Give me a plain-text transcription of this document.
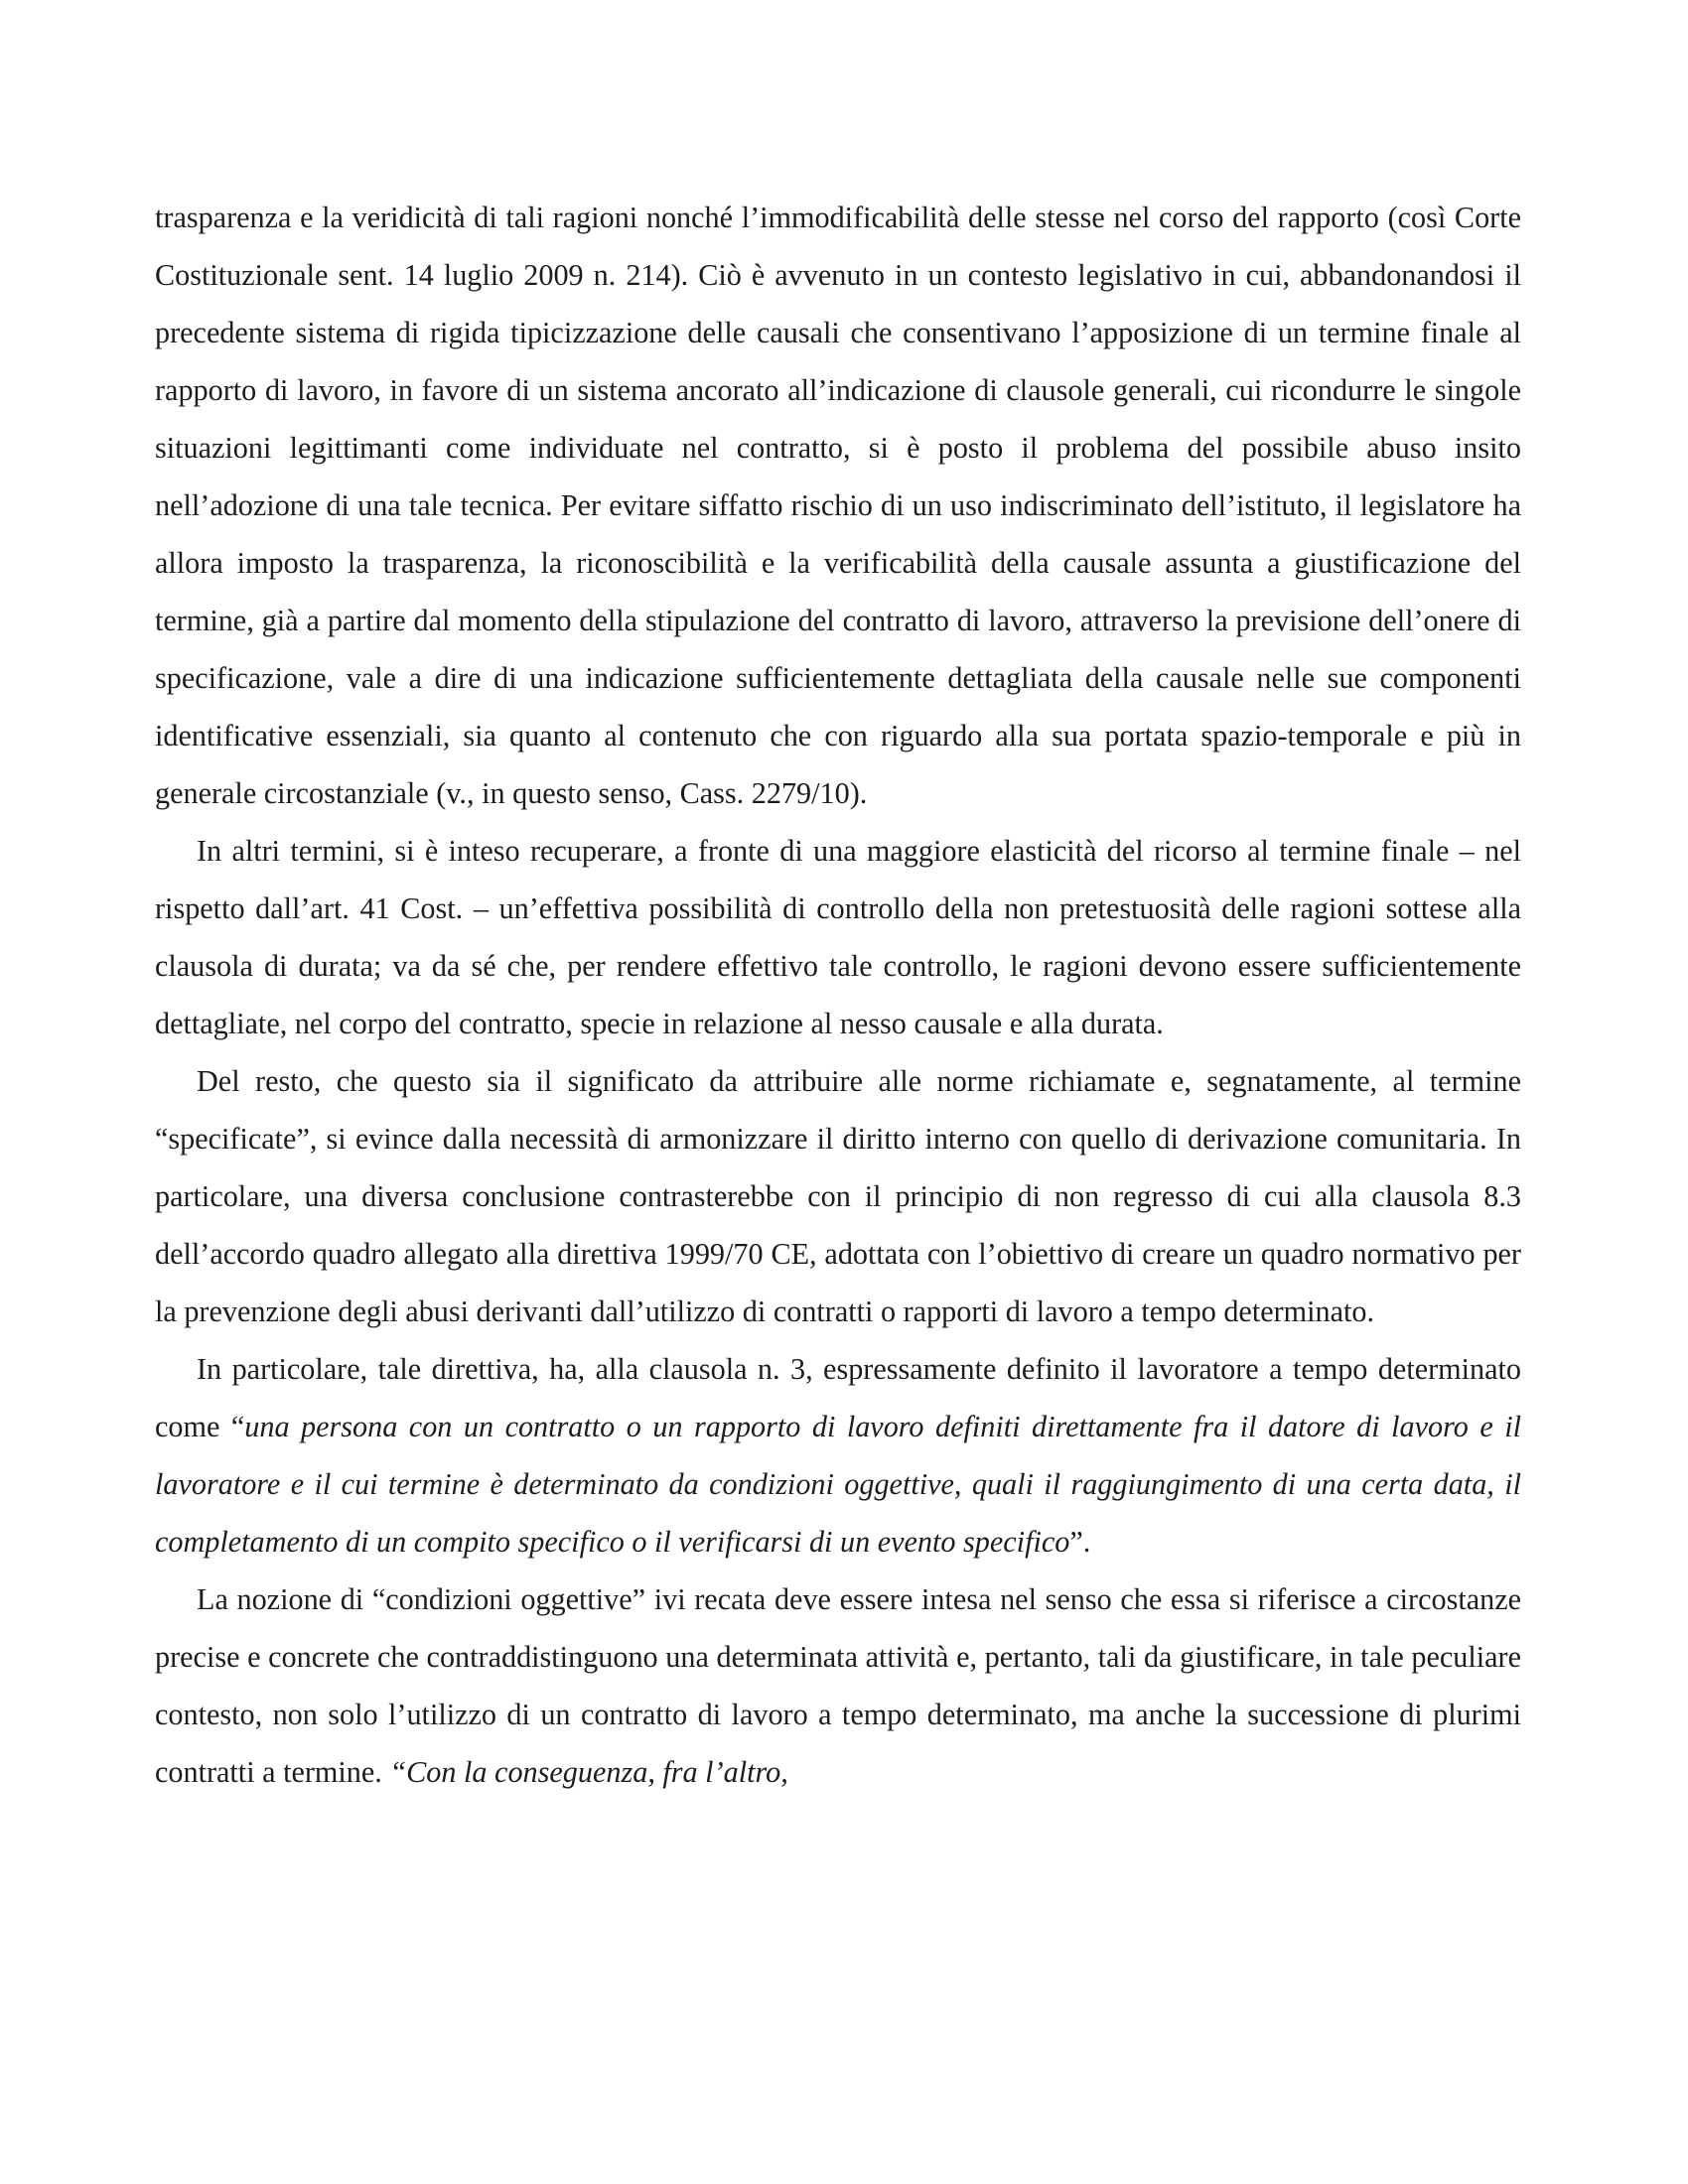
trasparenza e la veridicità di tali ragioni nonché l’immodificabilità delle stesse nel corso del rapporto (così Corte Costituzionale sent. 14 luglio 2009 n. 214). Ciò è avvenuto in un contesto legislativo in cui, abbandonandosi il precedente sistema di rigida tipicizzazione delle causali che consentivano l’apposizione di un termine finale al rapporto di lavoro, in favore di un sistema ancorato all’indicazione di clausole generali, cui ricondurre le singole situazioni legittimanti come individuate nel contratto, si è posto il problema del possibile abuso insito nell’adozione di una tale tecnica. Per evitare siffatto rischio di un uso indiscriminato dell’istituto, il legislatore ha allora imposto la trasparenza, la riconoscibilità e la verificabilità della causale assunta a giustificazione del termine, già a partire dal momento della stipulazione del contratto di lavoro, attraverso la previsione dell’onere di specificazione, vale a dire di una indicazione sufficientemente dettagliata della causale nelle sue componenti identificative essenziali, sia quanto al contenuto che con riguardo alla sua portata spazio-temporale e più in generale circostanziale (v., in questo senso, Cass. 2279/10).

In altri termini, si è inteso recuperare, a fronte di una maggiore elasticità del ricorso al termine finale – nel rispetto dall’art. 41 Cost. – un’effettiva possibilità di controllo della non pretestuosità delle ragioni sottese alla clausola di durata; va da sé che, per rendere effettivo tale controllo, le ragioni devono essere sufficientemente dettagliate, nel corpo del contratto, specie in relazione al nesso causale e alla durata.

Del resto, che questo sia il significato da attribuire alle norme richiamate e, segnatamente, al termine “specificate”, si evince dalla necessità di armonizzare il diritto interno con quello di derivazione comunitaria. In particolare, una diversa conclusione contrasterebbe con il principio di non regresso di cui alla clausola 8.3 dell’accordo quadro allegato alla direttiva 1999/70 CE, adottata con l’obiettivo di creare un quadro normativo per la prevenzione degli abusi derivanti dall’utilizzo di contratti o rapporti di lavoro a tempo determinato.

In particolare, tale direttiva, ha, alla clausola n. 3, espressamente definito il lavoratore a tempo determinato come “una persona con un contratto o un rapporto di lavoro definiti direttamente fra il datore di lavoro e il lavoratore e il cui termine è determinato da condizioni oggettive, quali il raggiungimento di una certa data, il completamento di un compito specifico o il verificarsi di un evento specifico”.

La nozione di “condizioni oggettive” ivi recata deve essere intesa nel senso che essa si riferisce a circostanze precise e concrete che contraddistinguono una determinata attività e, pertanto, tali da giustificare, in tale peculiare contesto, non solo l’utilizzo di un contratto di lavoro a tempo determinato, ma anche la successione di plurimi contratti a termine. “Con la conseguenza, fra l’altro,
